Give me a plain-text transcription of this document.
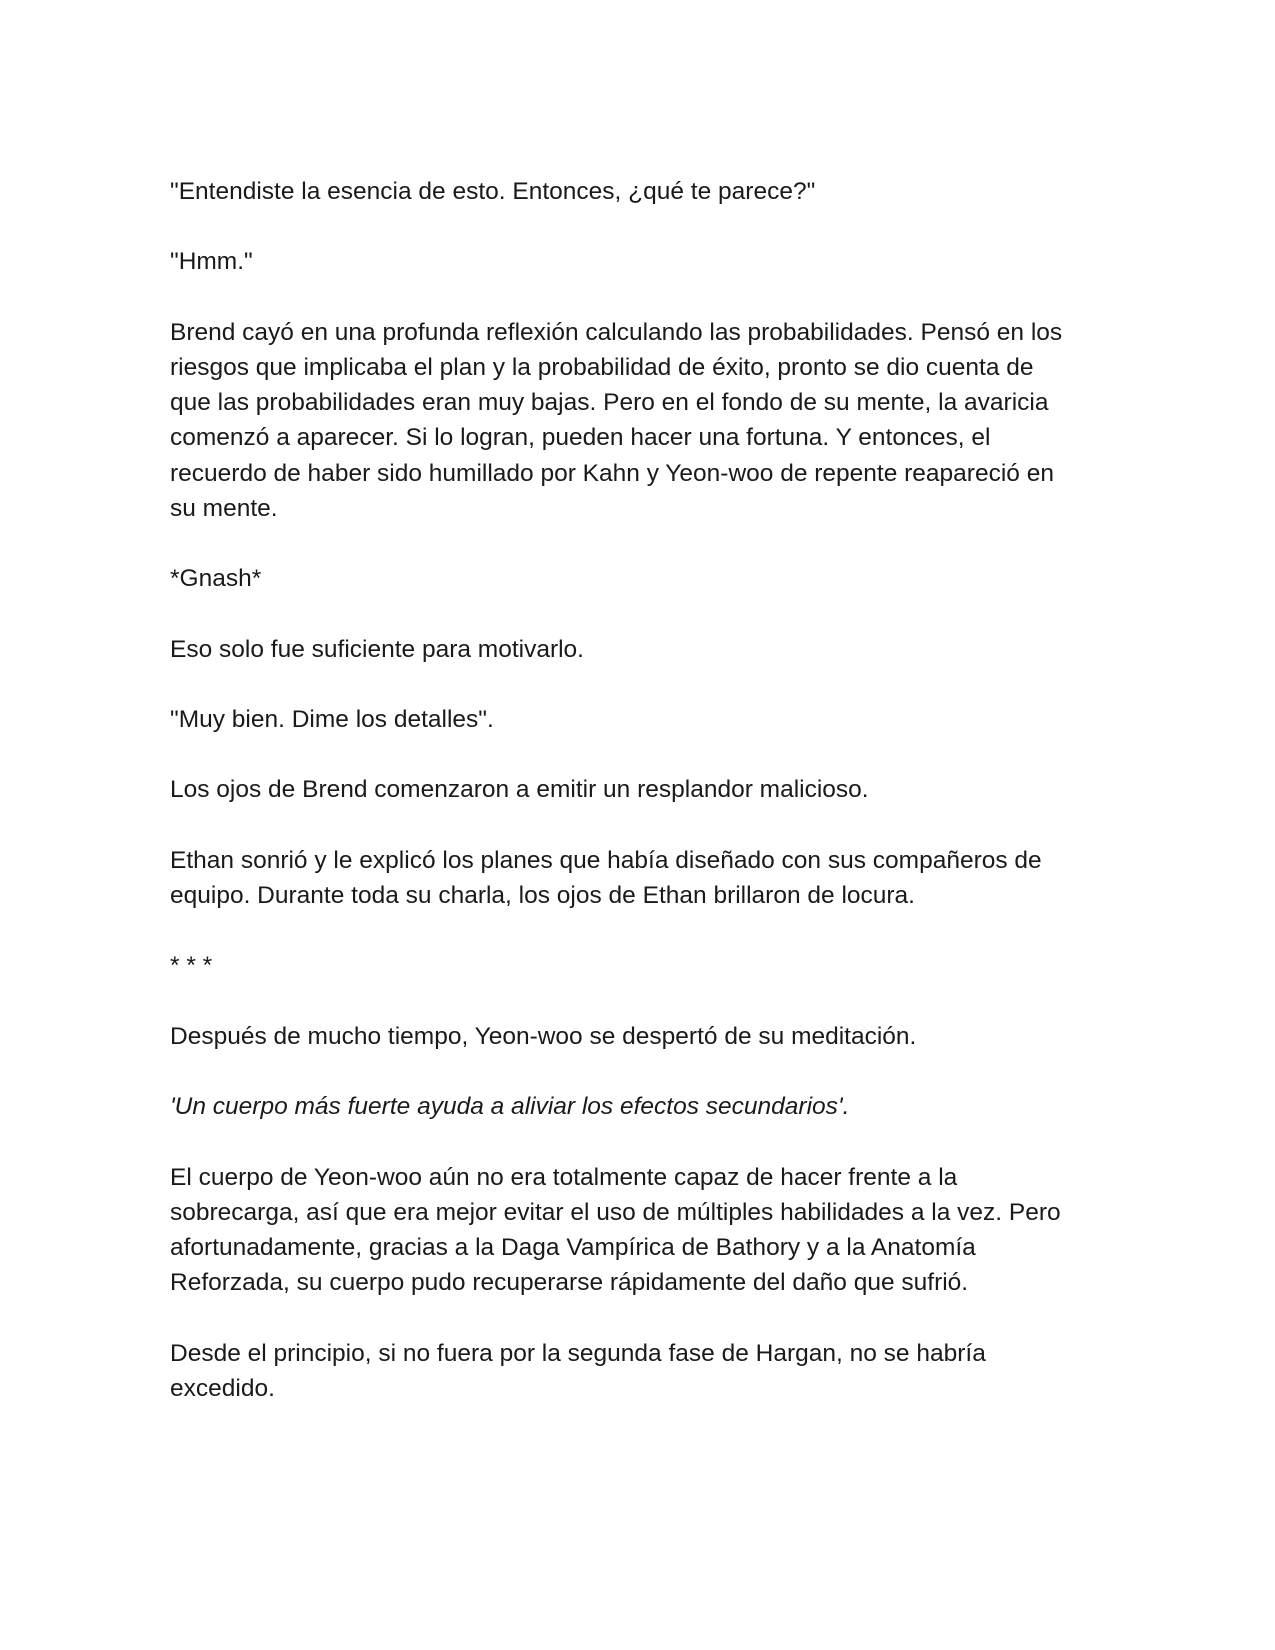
"Entendiste la esencia de esto. Entonces, ¿qué te parece?"

"Hmm."

Brend cayó en una profunda reflexión calculando las probabilidades. Pensó en los riesgos que implicaba el plan y la probabilidad de éxito, pronto se dio cuenta de que las probabilidades eran muy bajas. Pero en el fondo de su mente, la avaricia comenzó a aparecer. Si lo logran, pueden hacer una fortuna. Y entonces, el recuerdo de haber sido humillado por Kahn y Yeon-woo de repente reapareció en su mente.

*Gnash*

Eso solo fue suficiente para motivarlo.

"Muy bien. Dime los detalles".

Los ojos de Brend comenzaron a emitir un resplandor malicioso.

Ethan sonrió y le explicó los planes que había diseñado con sus compañeros de equipo. Durante toda su charla, los ojos de Ethan brillaron de locura.

* * *

Después de mucho tiempo, Yeon-woo se despertó de su meditación.

'Un cuerpo más fuerte ayuda a aliviar los efectos secundarios'.

El cuerpo de Yeon-woo aún no era totalmente capaz de hacer frente a la sobrecarga, así que era mejor evitar el uso de múltiples habilidades a la vez. Pero afortunadamente, gracias a la Daga Vampírica de Bathory y a la Anatomía Reforzada, su cuerpo pudo recuperarse rápidamente del daño que sufrió.

Desde el principio, si no fuera por la segunda fase de Hargan, no se habría excedido.
